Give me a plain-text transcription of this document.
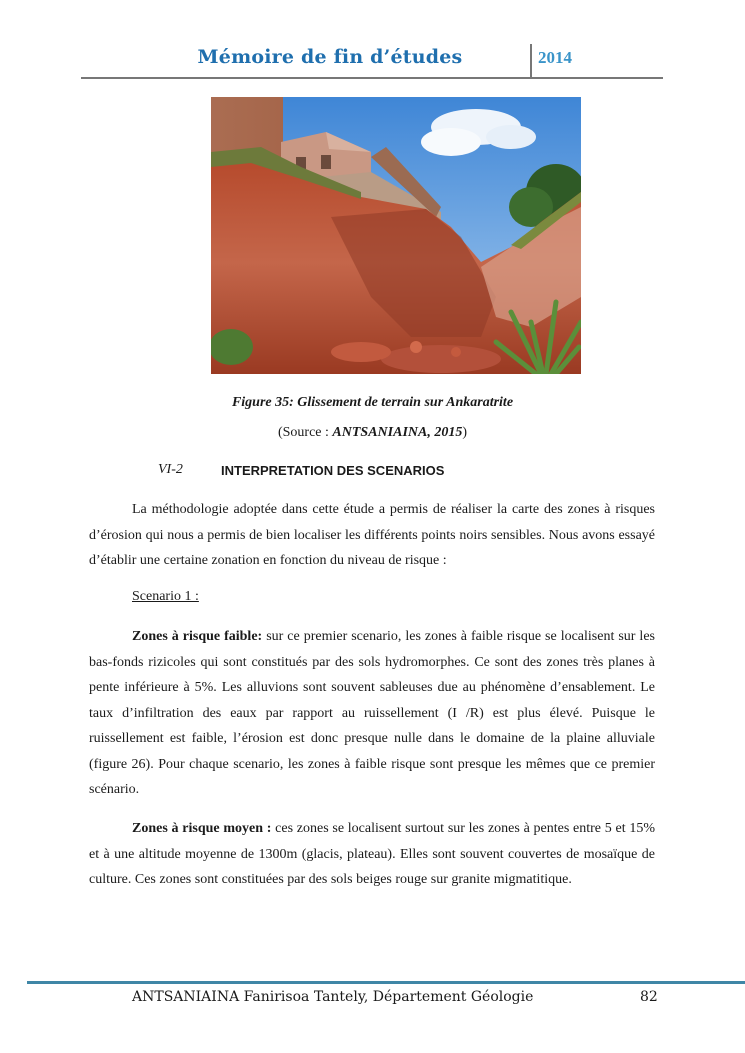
Mémoire de fin d’études	2014
Figure 35: Glissement de terrain sur Ankaratrite
(Source : ANTSANIAINA, 2015)
VI-2	INTERPRETATION DES SCENARIOS
La méthodologie adoptée dans cette étude a permis de réaliser la carte des zones à risques d’érosion qui nous a permis de bien localiser les différents points noirs sensibles. Nous avons essayé d’établir une certaine zonation en fonction du niveau de risque :
Scenario 1 :
Zones à risque faible: sur ce premier scenario, les zones à faible risque se localisent sur les bas-fonds rizicoles qui sont constitués par des sols hydromorphes. Ce sont des zones très planes à pente inférieure à 5%. Les alluvions sont souvent sableuses due au phénomène d’ensablement. Le taux d’infiltration des eaux par rapport au ruissellement (I /R) est plus élevé. Puisque le ruissellement est faible, l’érosion est donc presque nulle dans le domaine de la plaine alluviale (figure 26). Pour chaque scenario, les zones à faible risque sont presque les mêmes que ce premier scénario.
Zones à risque moyen : ces zones se localisent surtout sur les zones à pentes entre 5 et 15% et à une altitude moyenne de 1300m (glacis, plateau). Elles sont souvent couvertes de mosaïque de culture. Ces zones sont constituées par des sols beiges rouge sur granite migmatitique.
ANTSANIAINA Fanirisoa Tantely, Département Géologie	82
